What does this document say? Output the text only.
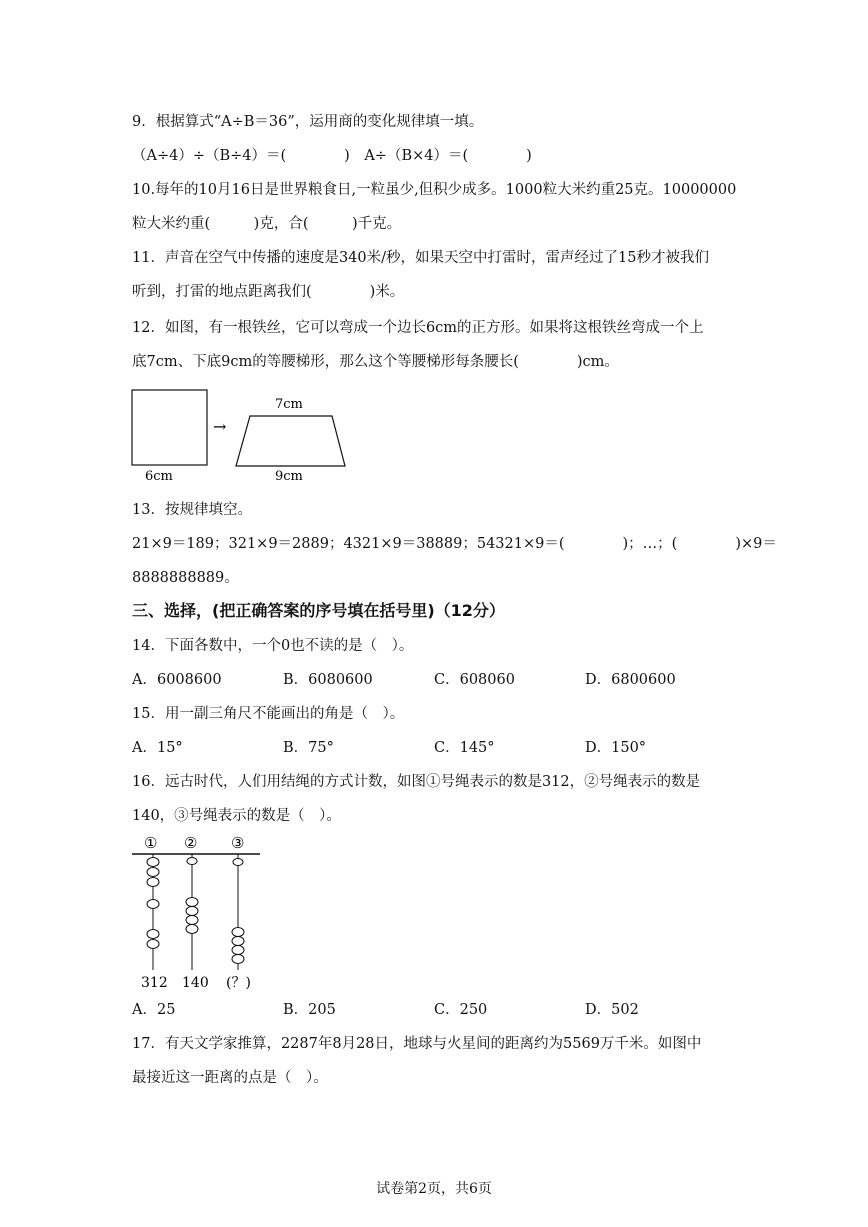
9．根据算式“A÷B＝36”，运用商的变化规律填一填。
（A÷4）÷（B÷4）＝(　　　　)　A÷（B×4）＝(　　　　)
10.每年的10月16日是世界粮食日,一粒虽少,但积少成多。1000粒大米约重25克。10000000
粒大米约重(　　　)克，合(　　　)千克。
11．声音在空气中传播的速度是340米/秒，如果天空中打雷时，雷声经过了15秒才被我们
听到，打雷的地点距离我们(　　　　)米。
12．如图，有一根铁丝，它可以弯成一个边长6cm的正方形。如果将这根铁丝弯成一个上
底7cm、下底9cm的等腰梯形，那么这个等腰梯形每条腰长(　　　　)cm。
6cm
→
7cm
9cm
13．按规律填空。
21×9＝189；321×9＝2889；4321×9＝38889；54321×9＝(　　　　)；…；(　　　　)×9＝
8888888889。
三、选择，(把正确答案的序号填在括号里)（12分）
14．下面各数中，一个0也不读的是（　）。
A．6008600	B．6080600	C．608060	D．6800600
15．用一副三角尺不能画出的角是（　）。
A．15°	B．75°	C．145°	D．150°
16．远古时代，人们用结绳的方式计数，如图①号绳表示的数是312，②号绳表示的数是
140，③号绳表示的数是（　）。
① ② ③
312 140 (？)
A．25	B．205	C．250	D．502
17．有天文学家推算，2287年8月28日，地球与火星间的距离约为5569万千米。如图中
最接近这一距离的点是（　）。
试卷第2页，共6页
